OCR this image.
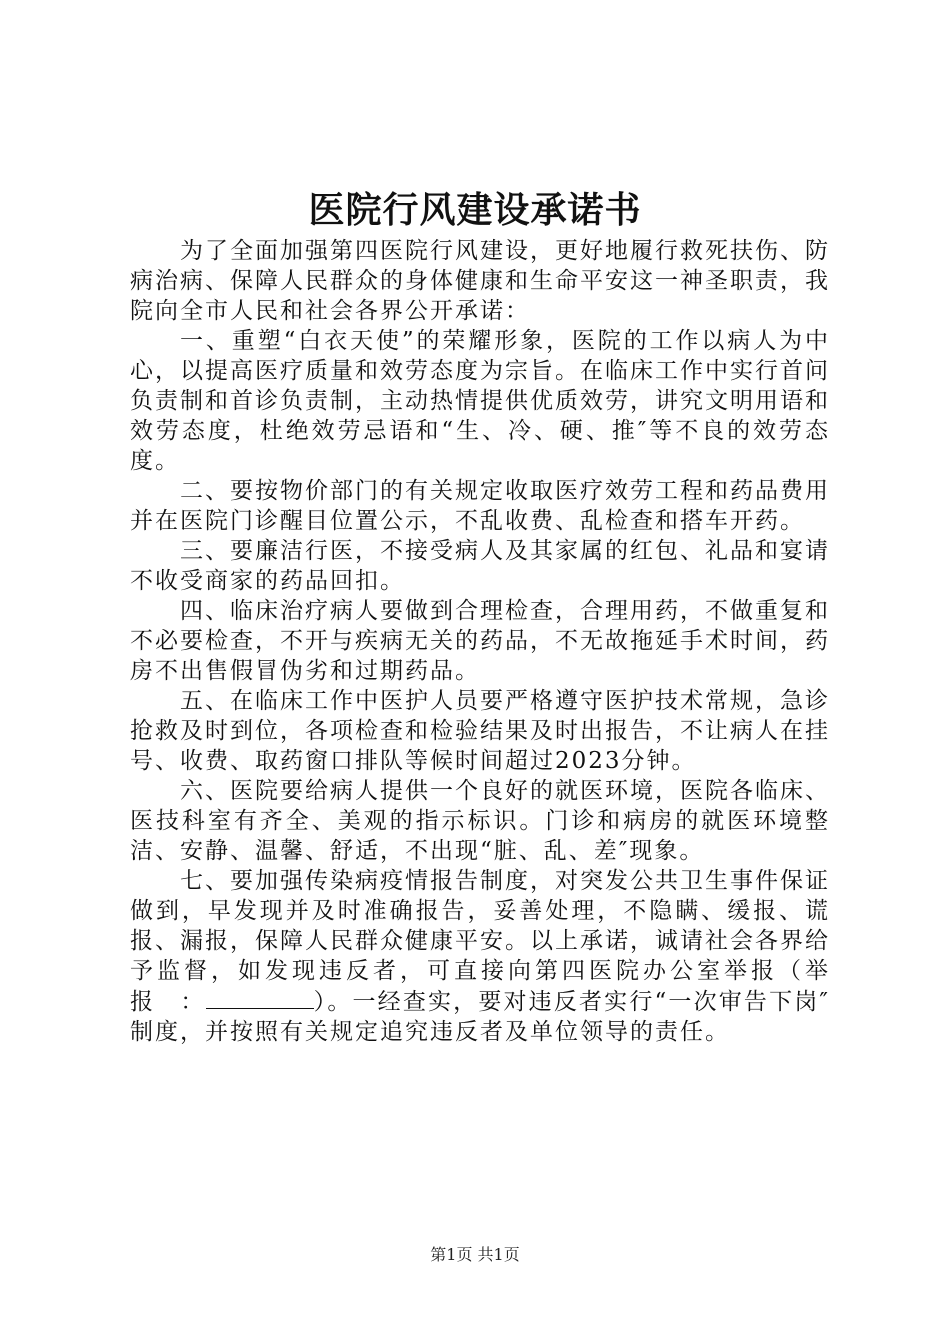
医院行风建设承诺书

为了全面加强第四医院行风建设，更好地履行救死扶伤、防病治病、保障人民群众的身体健康和生命平安这一神圣职责，我院向全市人民和社会各界公开承诺：

一、重塑“白衣天使”的荣耀形象，医院的工作以病人为中心，以提高医疗质量和效劳态度为宗旨。在临床工作中实行首问负责制和首诊负责制，主动热情提供优质效劳，讲究文明用语和效劳态度，杜绝效劳忌语和“生、冷、硬、推″等不良的效劳态度。

二、要按物价部门的有关规定收取医疗效劳工程和药品费用并在医院门诊醒目位置公示，不乱收费、乱检查和搭车开药。

三、要廉洁行医，不接受病人及其家属的红包、礼品和宴请不收受商家的药品回扣。

四、临床治疗病人要做到合理检查，合理用药，不做重复和不必要检查，不开与疾病无关的药品，不无故拖延手术时间，药房不出售假冒伪劣和过期药品。

五、在临床工作中医护人员要严格遵守医护技术常规，急诊抢救及时到位，各项检查和检验结果及时出报告，不让病人在挂号、收费、取药窗口排队等候时间超过2023分钟。

六、医院要给病人提供一个良好的就医环境，医院各临床、医技科室有齐全、美观的指示标识。门诊和病房的就医环境整洁、安静、温馨、舒适，不出现“脏、乱、差″现象。

七、要加强传染病疫情报告制度，对突发公共卫生事件保证做到，早发现并及时准确报告，妥善处理，不隐瞒、缓报、谎报、漏报，保障人民群众健康平安。以上承诺，诚请社会各界给予监督，如发现违反者，可直接向第四医院办公室举报（举报　：	）。一经查实，要对违反者实行“一次审告下岗″制度，并按照有关规定追究违反者及单位领导的责任。

第1页 共1页
